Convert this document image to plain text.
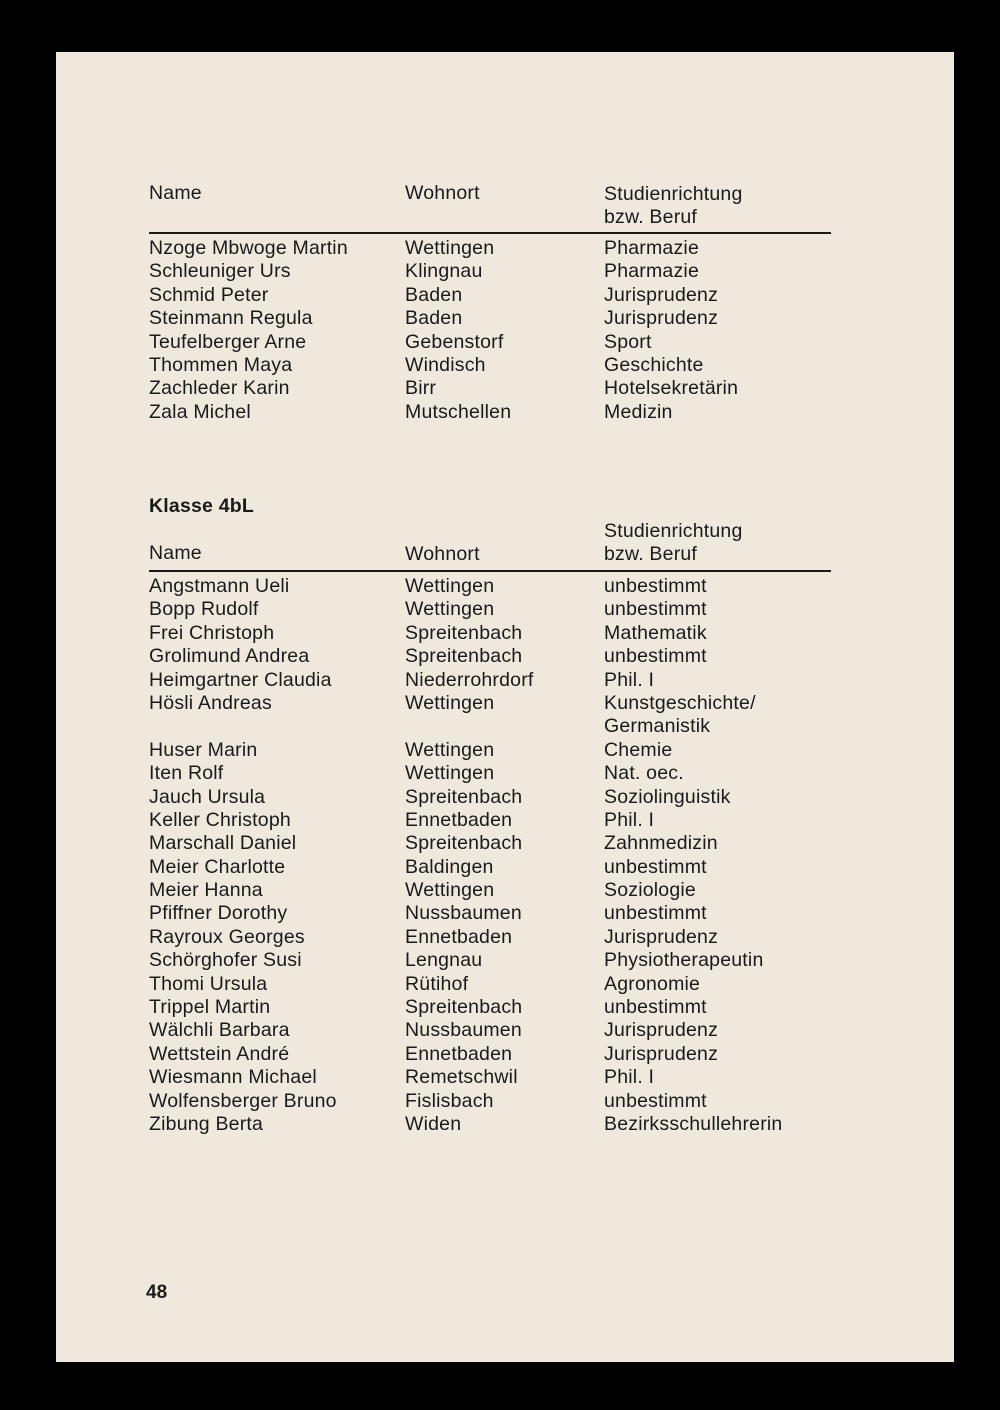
Name	Wohnort	Studienrichtung
bzw. Beruf
Nzoge Mbwoge Martin	Wettingen	Pharmazie
Schleuniger Urs	Klingnau	Pharmazie
Schmid Peter	Baden	Jurisprudenz
Steinmann Regula	Baden	Jurisprudenz
Teufelberger Arne	Gebenstorf	Sport
Thommen Maya	Windisch	Geschichte
Zachleder Karin	Birr	Hotelsekretärin
Zala Michel	Mutschellen	Medizin
Klasse 4bL
Studienrichtung
Name	Wohnort	bzw. Beruf
Angstmann Ueli	Wettingen	unbestimmt
Bopp Rudolf	Wettingen	unbestimmt
Frei Christoph	Spreitenbach	Mathematik
Grolimund Andrea	Spreitenbach	unbestimmt
Heimgartner Claudia	Niederrohrdorf	Phil. I
Hösli Andreas	Wettingen	Kunstgeschichte/
Germanistik
Huser Marin	Wettingen	Chemie
Iten Rolf	Wettingen	Nat. oec.
Jauch Ursula	Spreitenbach	Soziolinguistik
Keller Christoph	Ennetbaden	Phil. I
Marschall Daniel	Spreitenbach	Zahnmedizin
Meier Charlotte	Baldingen	unbestimmt
Meier Hanna	Wettingen	Soziologie
Pfiffner Dorothy	Nussbaumen	unbestimmt
Rayroux Georges	Ennetbaden	Jurisprudenz
Schörghofer Susi	Lengnau	Physiotherapeutin
Thomi Ursula	Rütihof	Agronomie
Trippel Martin	Spreitenbach	unbestimmt
Wälchli Barbara	Nussbaumen	Jurisprudenz
Wettstein André	Ennetbaden	Jurisprudenz
Wiesmann Michael	Remetschwil	Phil. I
Wolfensberger Bruno	Fislisbach	unbestimmt
Zibung Berta	Widen	Bezirksschullehrerin
48
